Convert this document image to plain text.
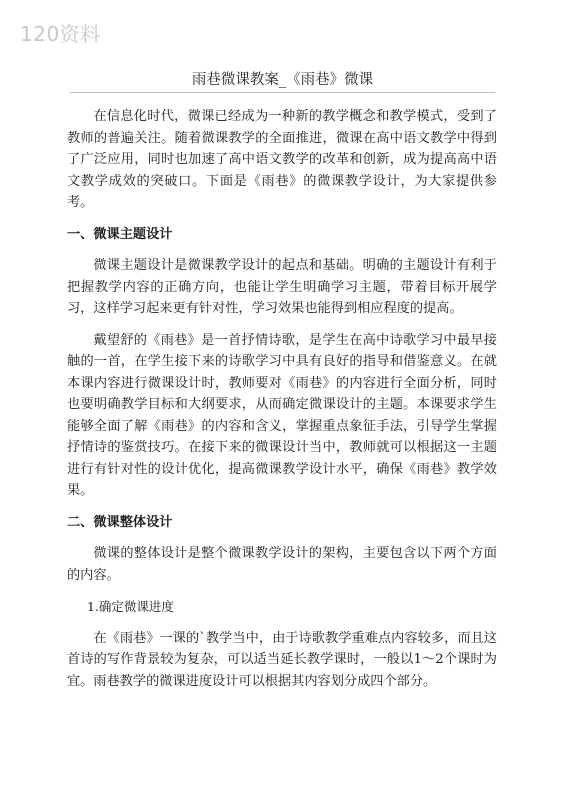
120资料
雨巷微课教案_《雨巷》微课

在信息化时代，微课已经成为一种新的教学概念和教学模式，受到了教师的普遍关注。随着微课教学的全面推进，微课在高中语文教学中得到了广泛应用，同时也加速了高中语文教学的改革和创新，成为提高高中语文教学成效的突破口。下面是《雨巷》的微课教学设计，为大家提供参考。

一、微课主题设计

微课主题设计是微课教学设计的起点和基础。明确的主题设计有利于把握教学内容的正确方向，也能让学生明确学习主题，带着目标开展学习，这样学习起来更有针对性，学习效果也能得到相应程度的提高。

戴望舒的《雨巷》是一首抒情诗歌，是学生在高中诗歌学习中最早接触的一首，在学生接下来的诗歌学习中具有良好的指导和借鉴意义。在就本课内容进行微课设计时，教师要对《雨巷》的内容进行全面分析，同时也要明确教学目标和大纲要求，从而确定微课设计的主题。本课要求学生能够全面了解《雨巷》的内容和含义，掌握重点象征手法，引导学生掌握抒情诗的鉴赏技巧。在接下来的微课设计当中，教师就可以根据这一主题进行有针对性的设计优化，提高微课教学设计水平，确保《雨巷》教学效果。

二、微课整体设计

微课的整体设计是整个微课教学设计的架构，主要包含以下两个方面的内容。

1.确定微课进度

在《雨巷》一课的`教学当中，由于诗歌教学重难点内容较多，而且这首诗的写作背景较为复杂，可以适当延长教学课时，一般以1～2个课时为宜。雨巷教学的微课进度设计可以根据其内容划分成四个部分。
